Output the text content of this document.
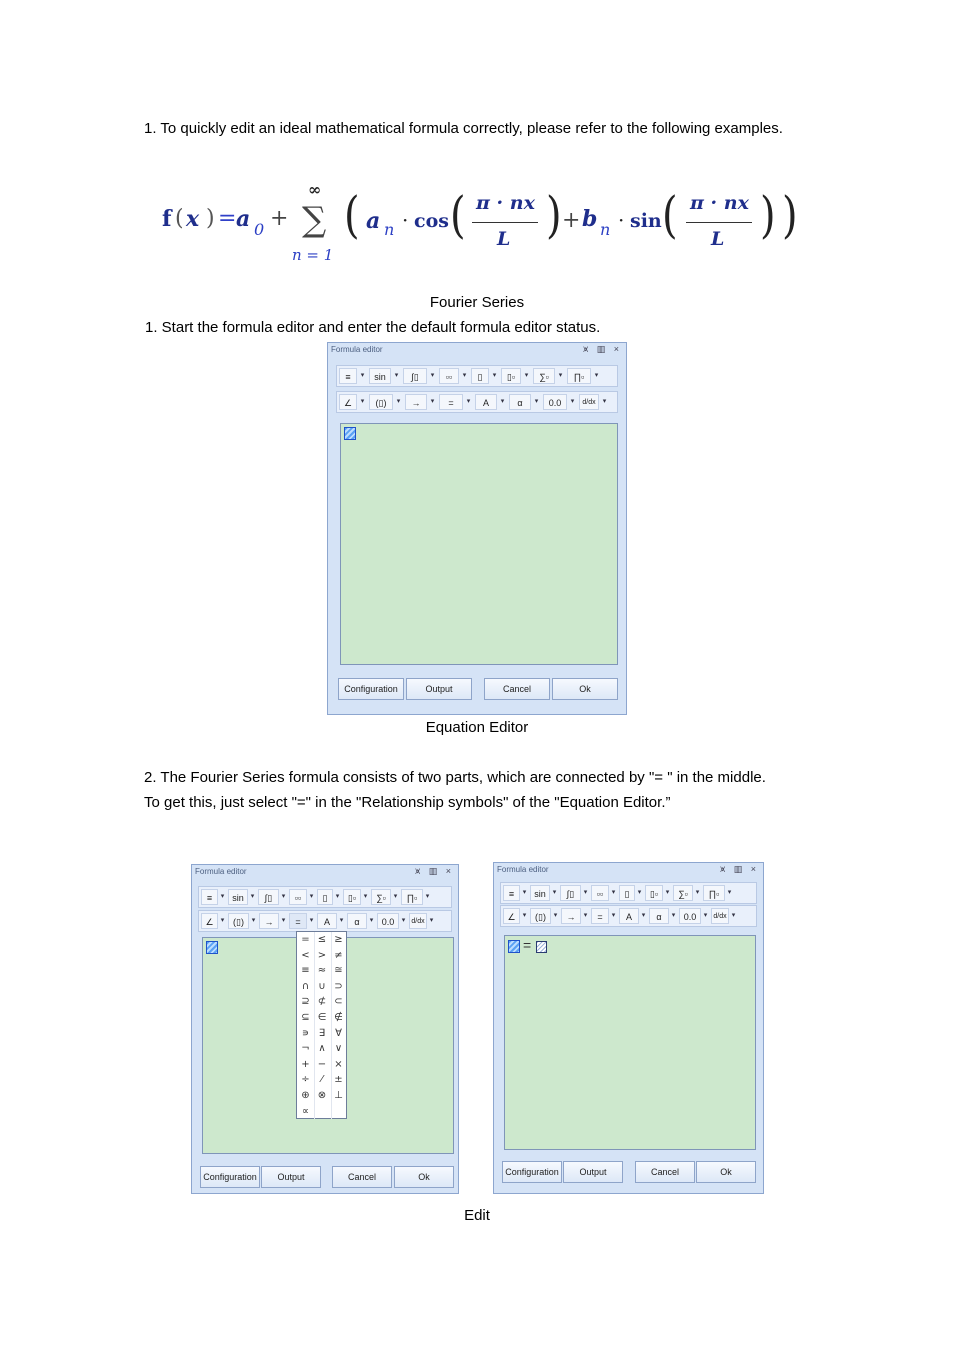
1. To quickly edit an ideal mathematical formula correctly, please refer to the following examples.
f ( x ) = a 0 +
∞
∑
n = 1
( a n · cos ( π · nx
L ) + b n · sin ( π · nx
L ) )
Fourier Series
1. Start the formula editor and enter the default formula editor status.
Formula editor	⩙ ▥ ×
≡	▾	sin	▾	∫▯	▾	▫▫	▾	▯	▾	▯▫	▾	∑▫	▾	∏▫	▾
∠	▾	(▯)	▾	→	▾	=	▾	A	▾	α	▾	0.0	▾	d/dx	▾
Configuration	Output	Cancel	Ok
Equation Editor
2. The Fourier Series formula consists of two parts, which are connected by "= " in the middle.
To get this, just select "=" in the "Relationship symbols" of the "Equation Editor.”
Formula editor	⩙ ▥ ×
≡	▾ sin ▾	∫▯	▾	▫▫	▾	▯	▾ ▯▫	▾ ∑▫	▾	∏▫	▾
∠	▾ (▯)	▾	→	▾	=	▾	A	▾	α	▾ 0.0	▾ d/dx ▾
= ≤ ≥
< > ≠
≡ ≈ ≅
∩ ∪ ⊃
⊇ ⊄ ⊂
⊆ ∈ ∉
∍ ∃ ∀
¬ ∧ ∨
+ − ×
÷	⁄	±
⊕ ⊗ ⊥
∝
Configuration	Output	Cancel	Ok
Formula editor	⩙ ▥ ×
≡	▾ sin ▾	∫▯	▾	▫▫	▾	▯	▾ ▯▫	▾ ∑▫	▾	∏▫	▾
∠	▾ (▯)	▾	→	▾	=	▾	A	▾	α	▾ 0.0	▾ d/dx ▾
=
Configuration	Output	Cancel	Ok
Edit
